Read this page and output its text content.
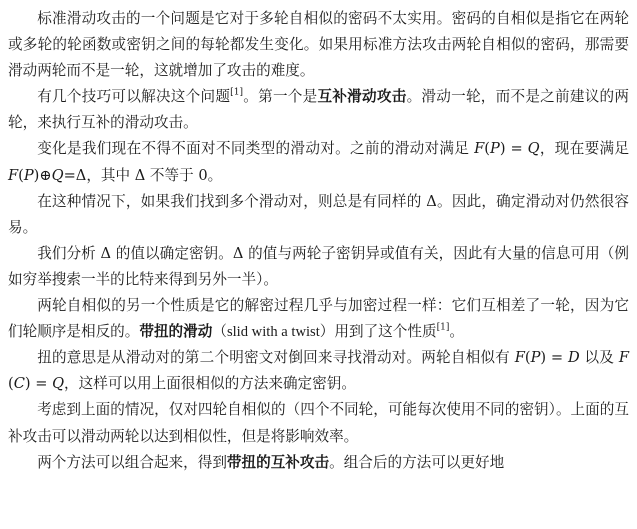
标准滑动攻击的一个问题是它对于多轮自相似的密码不太实用。密码的自相似是指它在两轮或多轮的轮函数或密钥之间的每轮都发生变化。如果用标准方法攻击两轮自相似的密码，那需要滑动两轮而不是一轮，这就增加了攻击的难度。

有几个技巧可以解决这个问题[1]。第一个是互补滑动攻击。滑动一轮，而不是之前建议的两轮，来执行互补的滑动攻击。

变化是我们现在不得不面对不同类型的滑动对。之前的滑动对满足 F(P) = Q，现在要满足 F(P)⊕Q=Δ，其中 Δ 不等于 0。

在这种情况下，如果我们找到多个滑动对，则总是有同样的 Δ。因此，确定滑动对仍然很容易。

我们分析 Δ 的值以确定密钥。Δ 的值与两轮子密钥异或值有关，因此有大量的信息可用（例如穷举搜索一半的比特来得到另外一半）。

两轮自相似的另一个性质是它的解密过程几乎与加密过程一样：它们互相差了一轮，因为它们轮顺序是相反的。带扭的滑动（slid with a twist）用到了这个性质[1]。

扭的意思是从滑动对的第二个明密文对倒回来寻找滑动对。两轮自相似有 F(P) = D 以及 F(C) = Q，这样可以用上面很相似的方法来确定密钥。

考虑到上面的情况，仅对四轮自相似的（四个不同轮，可能每次使用不同的密钥）。上面的互补攻击可以滑动两轮以达到相似性，但是将影响效率。

两个方法可以组合起来，得到带扭的互补攻击。组合后的方法可以更好地
